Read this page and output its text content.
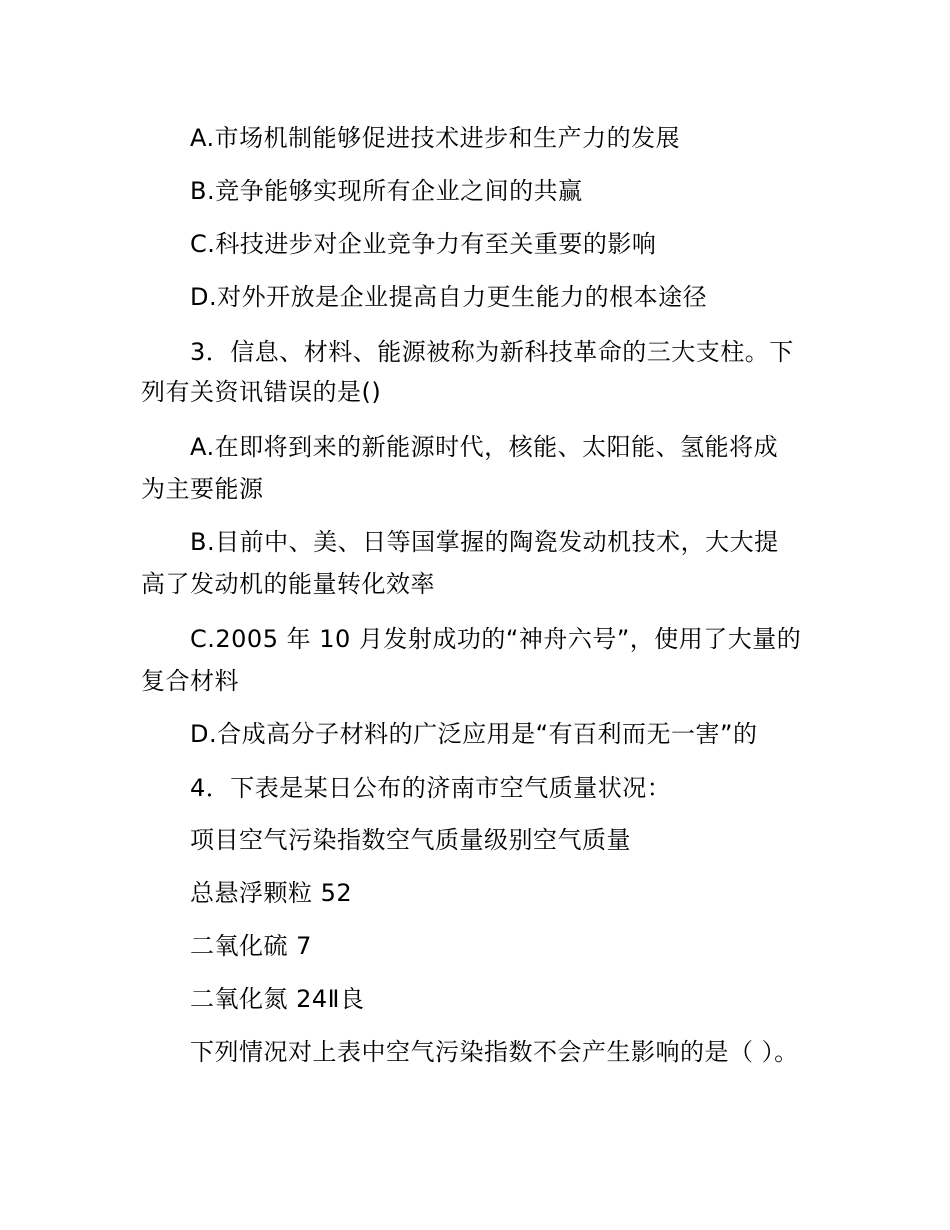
A.市场机制能够促进技术进步和生产力的发展
B.竞争能够实现所有企业之间的共赢
C.科技进步对企业竞争力有至关重要的影响
D.对外开放是企业提高自力更生能力的根本途径
3．信息、材料、能源被称为新科技革命的三大支柱。下
列有关资讯错误的是()
A.在即将到来的新能源时代，核能、太阳能、氢能将成
为主要能源
B.目前中、美、日等国掌握的陶瓷发动机技术，大大提
高了发动机的能量转化效率
C.2005 年 10 月发射成功的“神舟六号”，使用了大量的
复合材料
D.合成高分子材料的广泛应用是“有百利而无一害”的
4．下表是某日公布的济南市空气质量状况：
项目空气污染指数空气质量级别空气质量
总悬浮颗粒 52
二氧化硫 7
二氧化氮 24Ⅱ良
下列情况对上表中空气污染指数不会产生影响的是（ ）。
